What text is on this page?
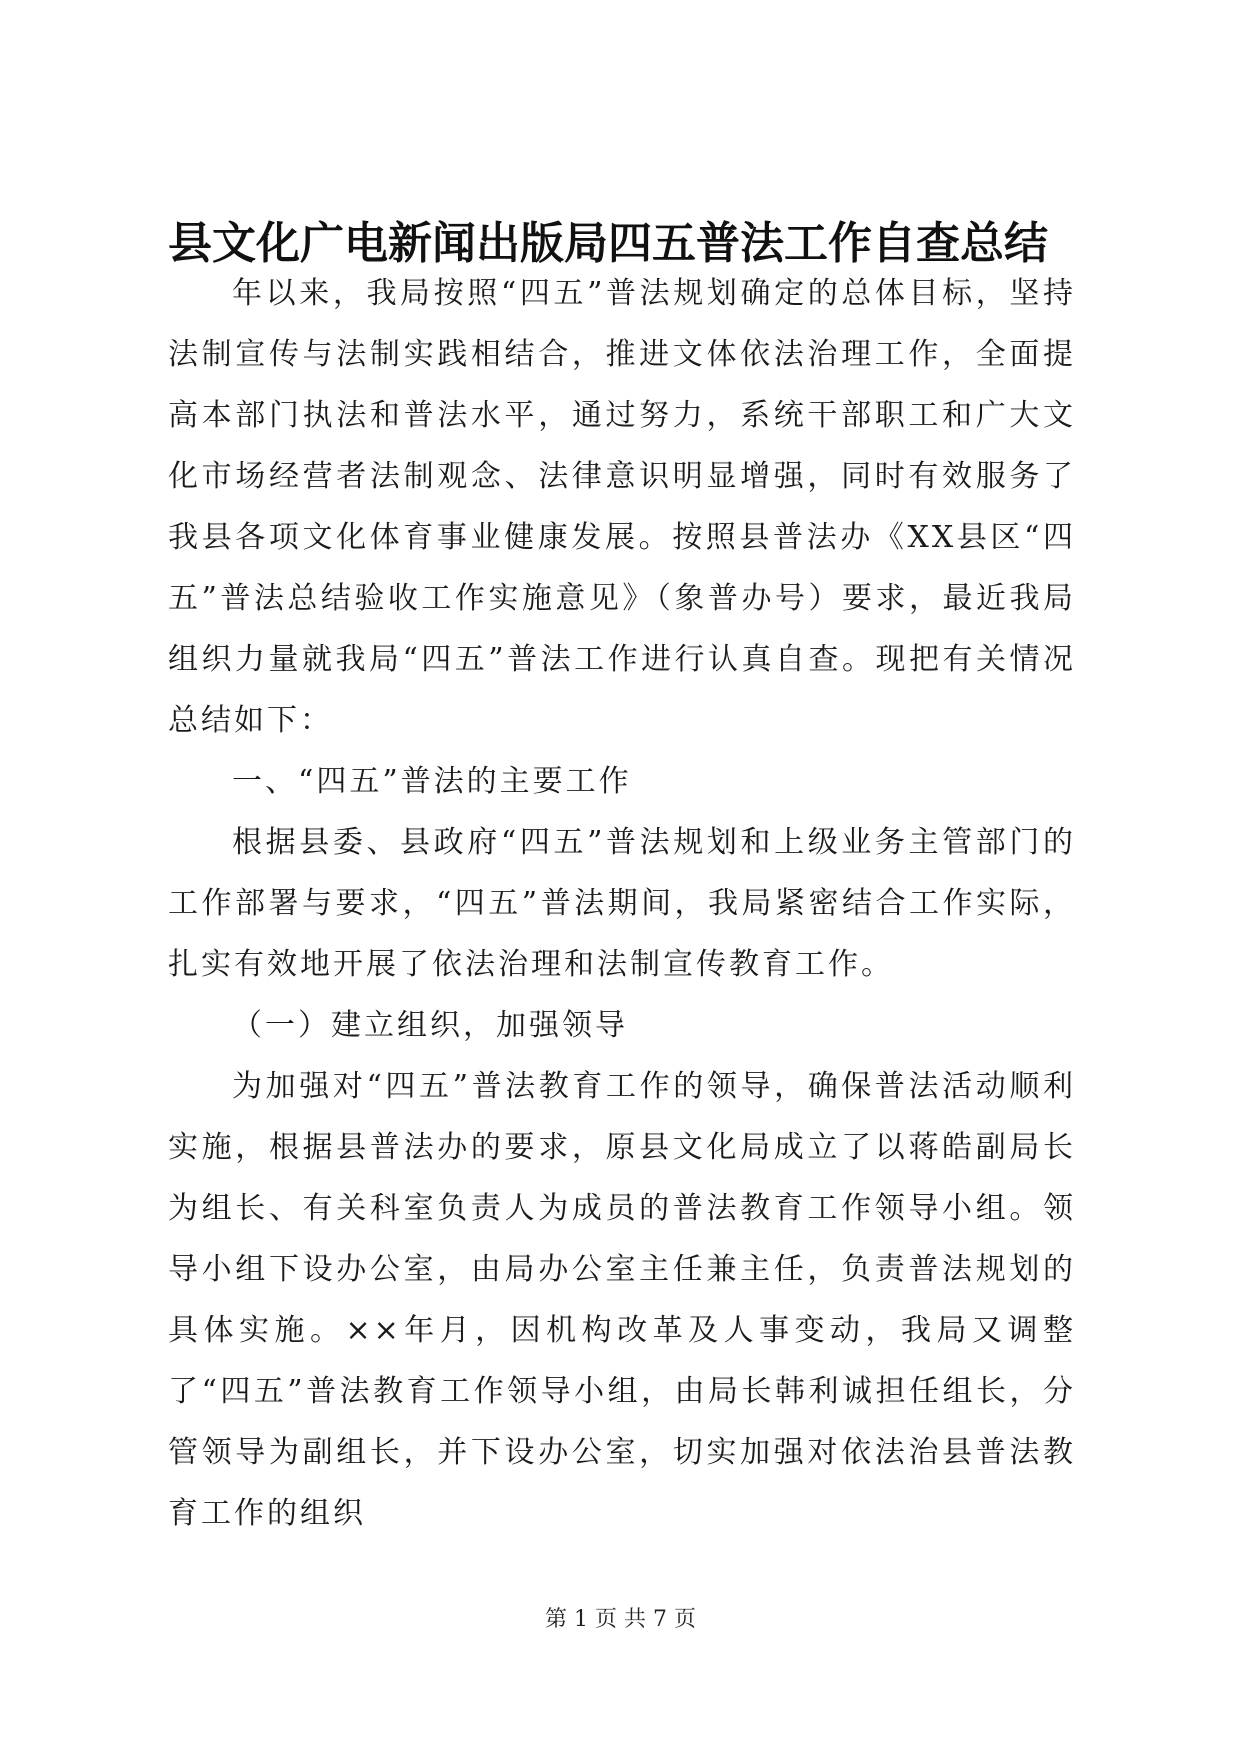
县文化广电新闻出版局四五普法工作自查总结

年以来，我局按照“四五”普法规划确定的总体目标，坚持法制宣传与法制实践相结合，推进文体依法治理工作，全面提高本部门执法和普法水平，通过努力，系统干部职工和广大文化市场经营者法制观念、法律意识明显增强，同时有效服务了我县各项文化体育事业健康发展。按照县普法办《XX县区“四五”普法总结验收工作实施意见》（象普办号）要求，最近我局组织力量就我局“四五”普法工作进行认真自查。现把有关情况总结如下：

一、“四五”普法的主要工作

根据县委、县政府“四五”普法规划和上级业务主管部门的工作部署与要求，“四五”普法期间，我局紧密结合工作实际，扎实有效地开展了依法治理和法制宣传教育工作。

（一）建立组织，加强领导

为加强对“四五”普法教育工作的领导，确保普法活动顺利实施，根据县普法办的要求，原县文化局成立了以蒋皓副局长为组长、有关科室负责人为成员的普法教育工作领导小组。领导小组下设办公室，由局办公室主任兼主任，负责普法规划的具体实施。××年月，因机构改革及人事变动，我局又调整了“四五”普法教育工作领导小组，由局长韩利诚担任组长，分管领导为副组长，并下设办公室，切实加强对依法治县普法教育工作的组织

第 1 页 共 7 页
